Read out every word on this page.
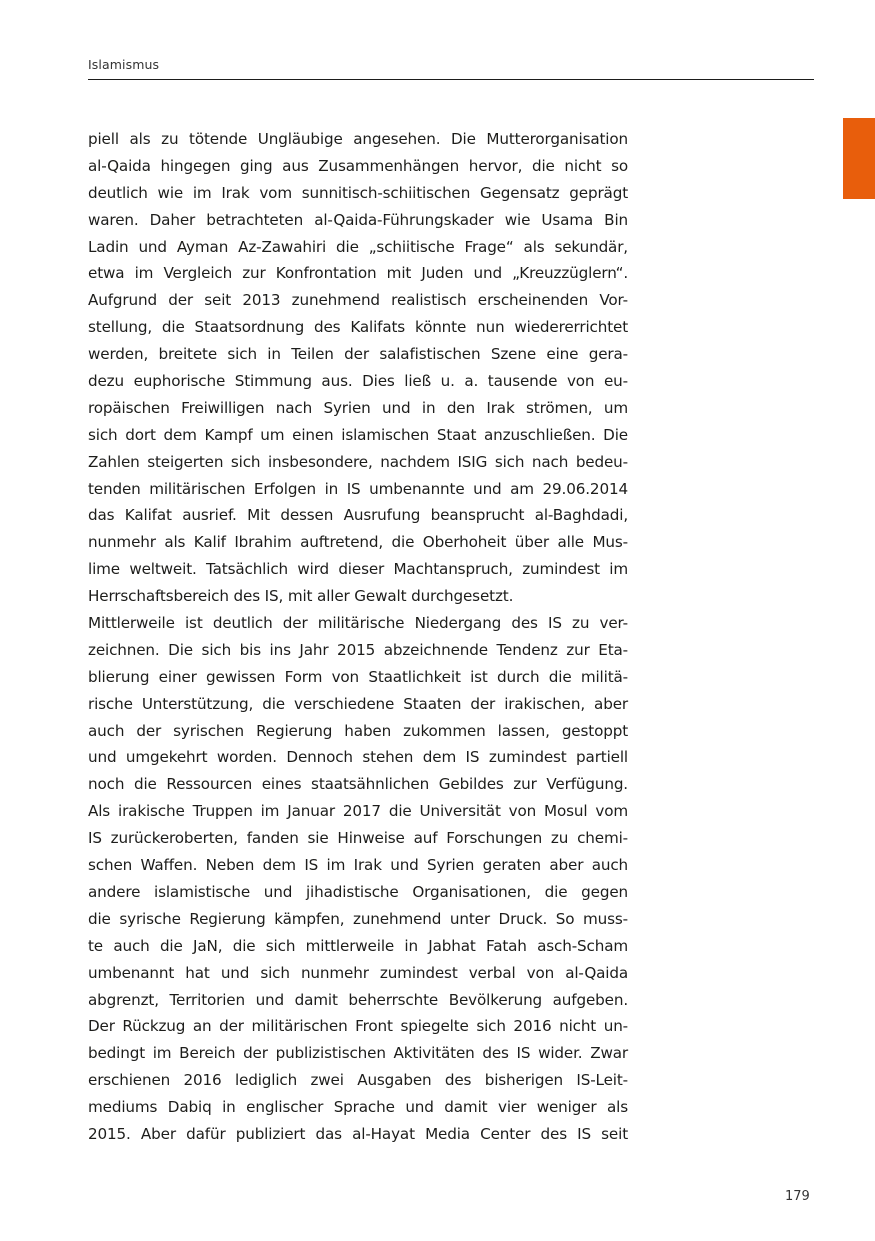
Islamismus
piell als zu tötende Ungläubige angesehen. Die Mutterorganisation
al-Qaida hingegen ging aus Zusammenhängen hervor, die nicht so
deutlich wie im Irak vom sunnitisch-schiitischen Gegensatz geprägt
waren. Daher betrachteten al-Qaida-Führungskader wie Usama Bin
Ladin und Ayman Az-Zawahiri die „schiitische Frage“ als sekundär,
etwa im Vergleich zur Konfrontation mit Juden und „Kreuzzüglern“.
Aufgrund der seit 2013 zunehmend realistisch erscheinenden Vor-
stellung, die Staatsordnung des Kalifats könnte nun wiedererrichtet
werden, breitete sich in Teilen der salafistischen Szene eine gera-
dezu euphorische Stimmung aus. Dies ließ u. a. tausende von eu-
ropäischen Freiwilligen nach Syrien und in den Irak strömen, um
sich dort dem Kampf um einen islamischen Staat anzuschließen. Die
Zahlen steigerten sich insbesondere, nachdem ISIG sich nach bedeu-
tenden militärischen Erfolgen in IS umbenannte und am 29.06.2014
das Kalifat ausrief. Mit dessen Ausrufung beansprucht al-Baghdadi,
nunmehr als Kalif Ibrahim auftretend, die Oberhoheit über alle Mus-
lime weltweit. Tatsächlich wird dieser Machtanspruch, zumindest im
Herrschaftsbereich des IS, mit aller Gewalt durchgesetzt.
Mittlerweile ist deutlich der militärische Niedergang des IS zu ver-
zeichnen. Die sich bis ins Jahr 2015 abzeichnende Tendenz zur Eta-
blierung einer gewissen Form von Staatlichkeit ist durch die militä-
rische Unterstützung, die verschiedene Staaten der irakischen, aber
auch der syrischen Regierung haben zukommen lassen, gestoppt
und umgekehrt worden. Dennoch stehen dem IS zumindest partiell
noch die Ressourcen eines staatsähnlichen Gebildes zur Verfügung.
Als irakische Truppen im Januar 2017 die Universität von Mosul vom
IS zurückeroberten, fanden sie Hinweise auf Forschungen zu chemi-
schen Waffen. Neben dem IS im Irak und Syrien geraten aber auch
andere islamistische und jihadistische Organisationen, die gegen
die syrische Regierung kämpfen, zunehmend unter Druck. So muss-
te auch die JaN, die sich mittlerweile in Jabhat Fatah asch-Scham
umbenannt hat und sich nunmehr zumindest verbal von al-Qaida
abgrenzt, Territorien und damit beherrschte Bevölkerung aufgeben.
Der Rückzug an der militärischen Front spiegelte sich 2016 nicht un-
bedingt im Bereich der publizistischen Aktivitäten des IS wider. Zwar
erschienen 2016 lediglich zwei Ausgaben des bisherigen IS-Leit-
mediums Dabiq in englischer Sprache und damit vier weniger als
2015. Aber dafür publiziert das al-Hayat Media Center des IS seit
179
